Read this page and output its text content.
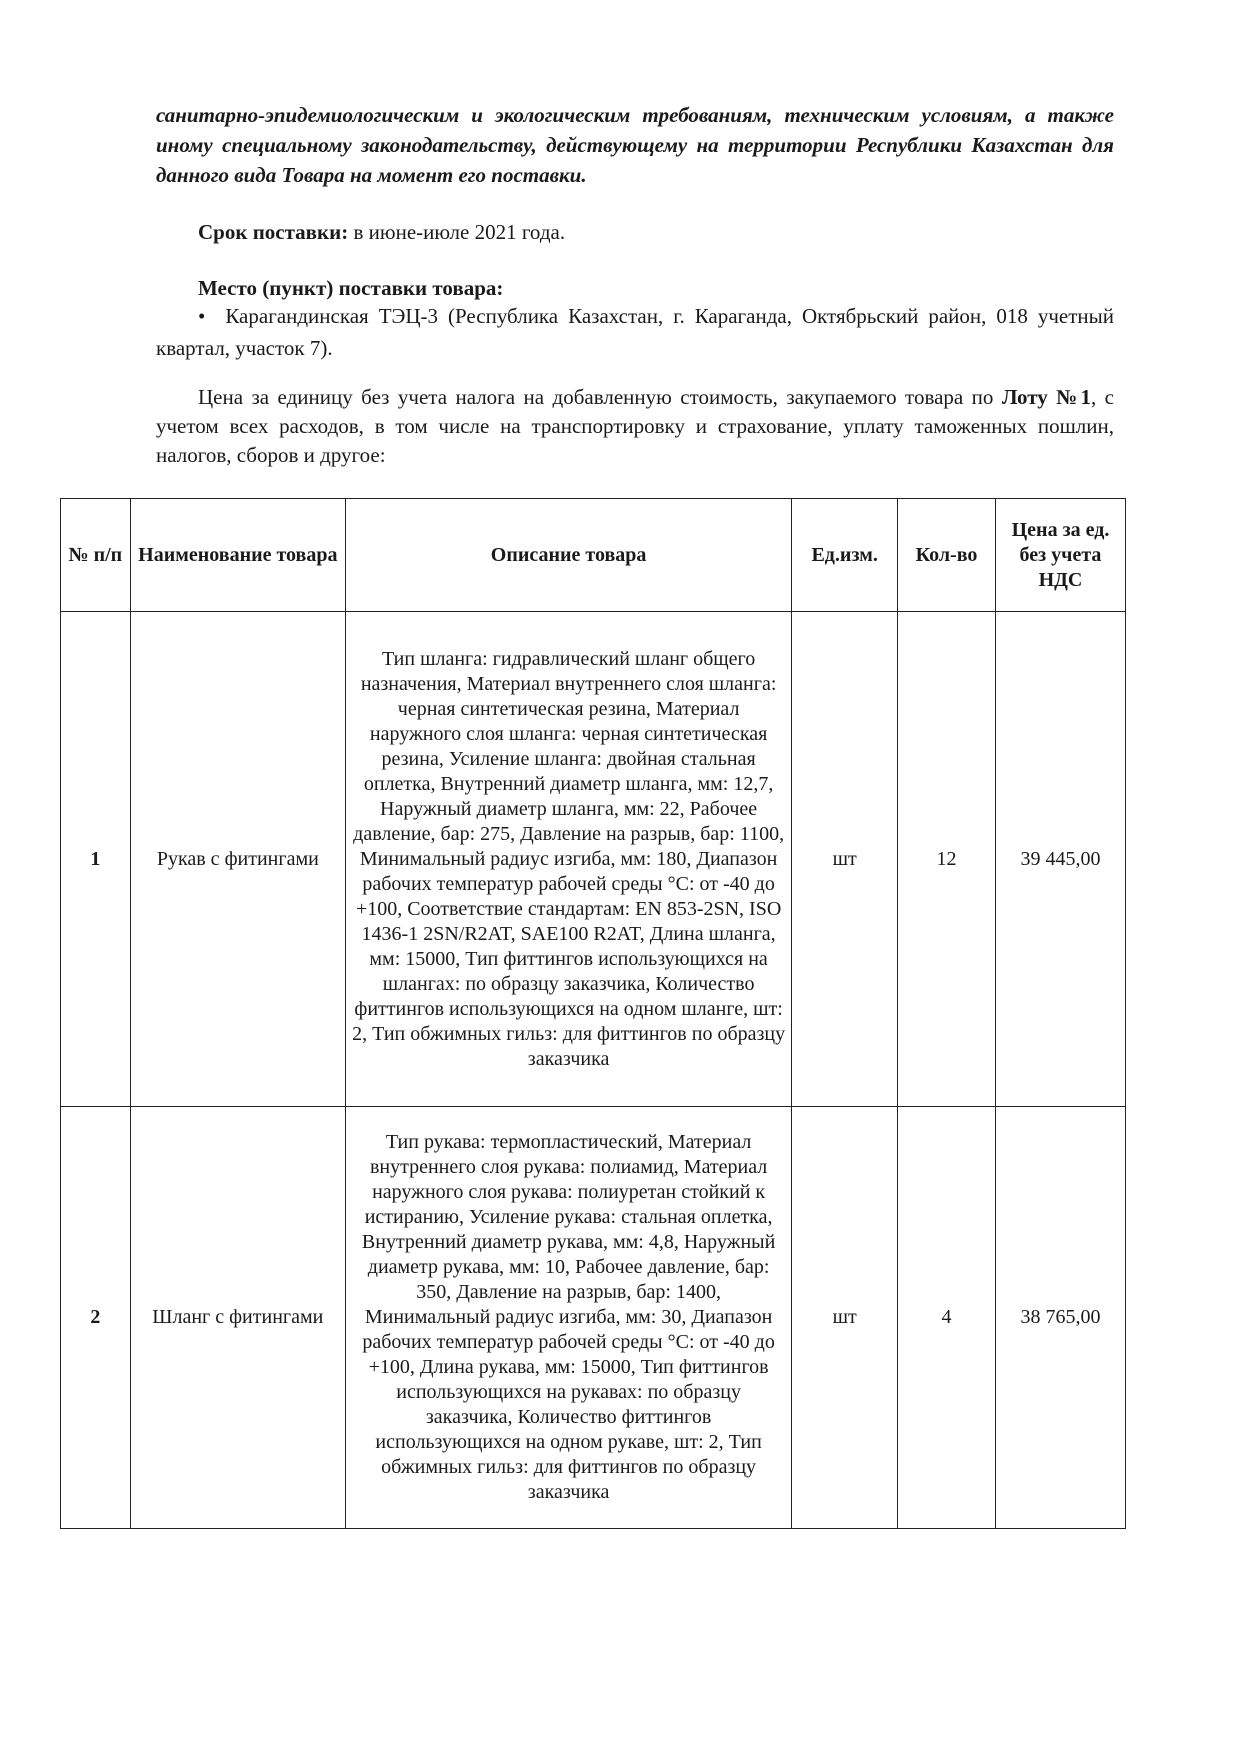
санитарно-эпидемиологическим и экологическим требованиям, техническим условиям, а также иному специальному законодательству, действующему на территории Республики Казахстан для данного вида Товара на момент его поставки.
Срок поставки: в июне-июле 2021 года.
Место (пункт) поставки товара:
• Карагандинская ТЭЦ-3 (Республика Казахстан, г. Караганда, Октябрьский район, 018 учетный квартал, участок 7).
Цена за единицу без учета налога на добавленную стоимость, закупаемого товара по Лоту №1, с учетом всех расходов, в том числе на транспортировку и страхование, уплату таможенных пошлин, налогов, сборов и другое:
№ п/п	Наименование товара	Описание товара	Ед.изм.	Кол-во	Цена за ед. без учета НДС
1	Рукав с фитингами	Тип шланга: гидравлический шланг общего назначения, Материал внутреннего слоя шланга: черная синтетическая резина, Материал наружного слоя шланга: черная синтетическая резина, Усиление шланга: двойная стальная оплетка, Внутренний диаметр шланга, мм: 12,7, Наружный диаметр шланга, мм: 22, Рабочее давление, бар: 275, Давление на разрыв, бар: 1100, Минимальный радиус изгиба, мм: 180, Диапазон рабочих температур рабочей среды °С: от -40 до +100, Соответствие стандартам: EN 853-2SN, ISO 1436-1 2SN/R2AT, SAE100 R2AT, Длина шланга, мм: 15000, Тип фиттингов использующихся на шлангах: по образцу заказчика, Количество фиттингов использующихся на одном шланге, шт: 2, Тип обжимных гильз: для фиттингов по образцу заказчика	шт	12	39 445,00
2	Шланг с фитингами	Тип рукава: термопластический, Материал внутреннего слоя рукава: полиамид, Материал наружного слоя рукава: полиуретан стойкий к истиранию, Усиление рукава: стальная оплетка, Внутренний диаметр рукава, мм: 4,8, Наружный диаметр рукава, мм: 10, Рабочее давление, бар: 350, Давление на разрыв, бар: 1400, Минимальный радиус изгиба, мм: 30, Диапазон рабочих температур рабочей среды °С: от -40 до +100, Длина рукава, мм: 15000, Тип фиттингов использующихся на рукавах: по образцу заказчика, Количество фиттингов использующихся на одном рукаве, шт: 2, Тип обжимных гильз: для фиттингов по образцу заказчика	шт	4	38 765,00
